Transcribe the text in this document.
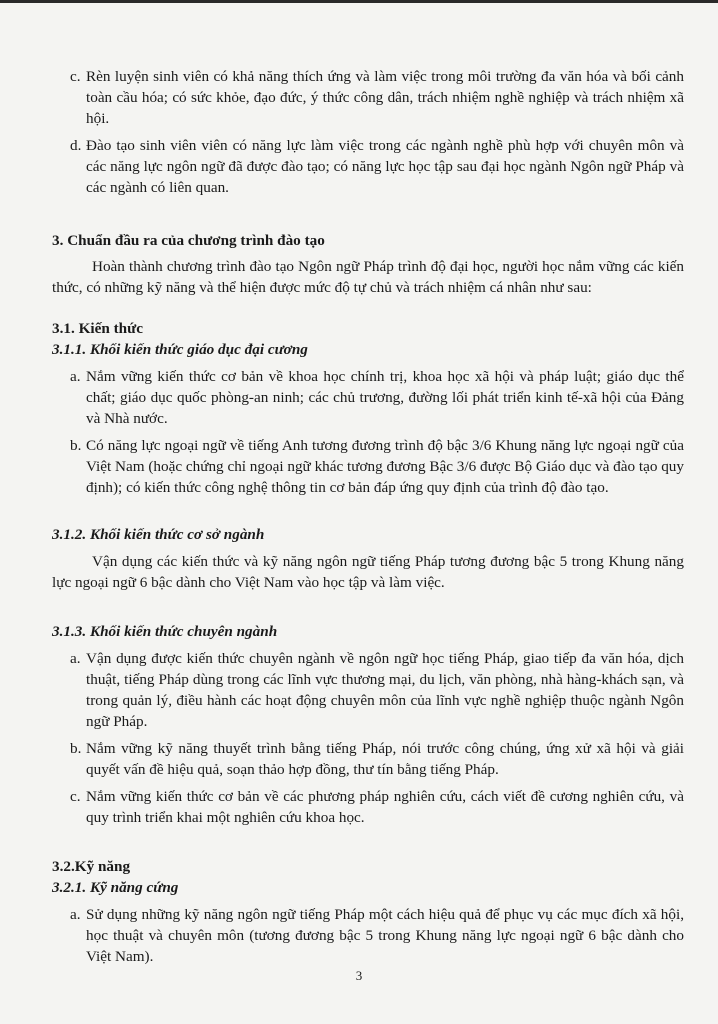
c. Rèn luyện sinh viên có khả năng thích ứng và làm việc trong môi trường đa văn hóa và bối cảnh toàn cầu hóa; có sức khỏe, đạo đức, ý thức công dân, trách nhiệm nghề nghiệp và trách nhiệm xã hội.

d. Đào tạo sinh viên viên có năng lực làm việc trong các ngành nghề phù hợp với chuyên môn và các năng lực ngôn ngữ đã được đào tạo; có năng lực học tập sau đại học ngành Ngôn ngữ Pháp và các ngành có liên quan.

3. Chuẩn đầu ra của chương trình đào tạo

Hoàn thành chương trình đào tạo Ngôn ngữ Pháp trình độ đại học, người học nắm vững các kiến thức, có những kỹ năng và thể hiện được mức độ tự chủ và trách nhiệm cá nhân như sau:

3.1. Kiến thức

3.1.1. Khối kiến thức giáo dục đại cương

a. Nắm vững kiến thức cơ bản về khoa học chính trị, khoa học xã hội và pháp luật; giáo dục thể chất; giáo dục quốc phòng-an ninh; các chủ trương, đường lối phát triển kinh tế-xã hội của Đảng và Nhà nước.

b. Có năng lực ngoại ngữ về tiếng Anh tương đương trình độ bậc 3/6 Khung năng lực ngoại ngữ của Việt Nam (hoặc chứng chỉ ngoại ngữ khác tương đương Bậc 3/6 được Bộ Giáo dục và đào tạo quy định); có kiến thức công nghệ thông tin cơ bản đáp ứng quy định của trình độ đào tạo.

3.1.2. Khối kiến thức cơ sở ngành

Vận dụng các kiến thức và kỹ năng ngôn ngữ tiếng Pháp tương đương bậc 5 trong Khung năng lực ngoại ngữ 6 bậc dành cho Việt Nam vào học tập và làm việc.

3.1.3. Khối kiến thức chuyên ngành

a. Vận dụng được kiến thức chuyên ngành về ngôn ngữ học tiếng Pháp, giao tiếp đa văn hóa, dịch thuật, tiếng Pháp dùng trong các lĩnh vực thương mại, du lịch, văn phòng, nhà hàng-khách sạn, và trong quản lý, điều hành các hoạt động chuyên môn của lĩnh vực nghề nghiệp thuộc ngành Ngôn ngữ Pháp.

b. Nắm vững kỹ năng thuyết trình bằng tiếng Pháp, nói trước công chúng, ứng xử xã hội và giải quyết vấn đề hiệu quả, soạn thảo hợp đồng, thư tín bằng tiếng Pháp.

c. Nắm vững kiến thức cơ bản về các phương pháp nghiên cứu, cách viết đề cương nghiên cứu, và quy trình triển khai một nghiên cứu khoa học.

3.2.Kỹ năng

3.2.1. Kỹ năng cứng

a. Sử dụng những kỹ năng ngôn ngữ tiếng Pháp một cách hiệu quả để phục vụ các mục đích xã hội, học thuật và chuyên môn (tương đương bậc 5 trong Khung năng lực ngoại ngữ 6 bậc dành cho Việt Nam).

3
